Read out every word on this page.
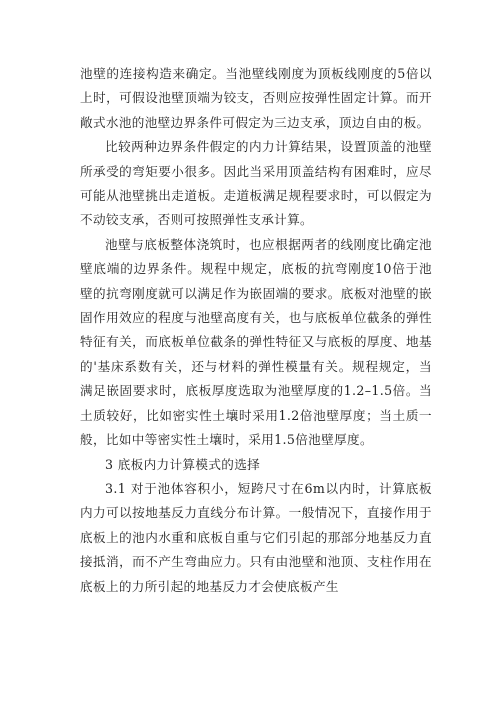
池壁的连接构造来确定。当池壁线刚度为顶板线刚度的5倍以上时，可假设池壁顶端为铰支，否则应按弹性固定计算。而开敞式水池的池壁边界条件可假定为三边支承，顶边自由的板。

比较两种边界条件假定的内力计算结果，设置顶盖的池壁所承受的弯矩要小很多。因此当采用顶盖结构有困难时，应尽可能从池壁挑出走道板。走道板满足规程要求时，可以假定为不动铰支承，否则可按照弹性支承计算。

池壁与底板整体浇筑时，也应根据两者的线刚度比确定池壁底端的边界条件。规程中规定，底板的抗弯刚度10倍于池壁的抗弯刚度就可以满足作为嵌固端的要求。底板对池壁的嵌固作用效应的程度与池壁高度有关，也与底板单位截条的弹性特征有关，而底板单位截条的弹性特征又与底板的厚度、地基的'基床系数有关，还与材料的弹性模量有关。规程规定，当满足嵌固要求时，底板厚度选取为池壁厚度的1.2–1.5倍。当土质较好，比如密实性土壤时采用1.2倍池壁厚度；当土质一般，比如中等密实性土壤时，采用1.5倍池壁厚度。

3 底板内力计算模式的选择

3.1 对于池体容积小，短跨尺寸在6m以内时，计算底板内力可以按地基反力直线分布计算。一般情况下，直接作用于底板上的池内水重和底板自重与它们引起的那部分地基反力直接抵消，而不产生弯曲应力。只有由池壁和池顶、支柱作用在底板上的力所引起的地基反力才会使底板产生
